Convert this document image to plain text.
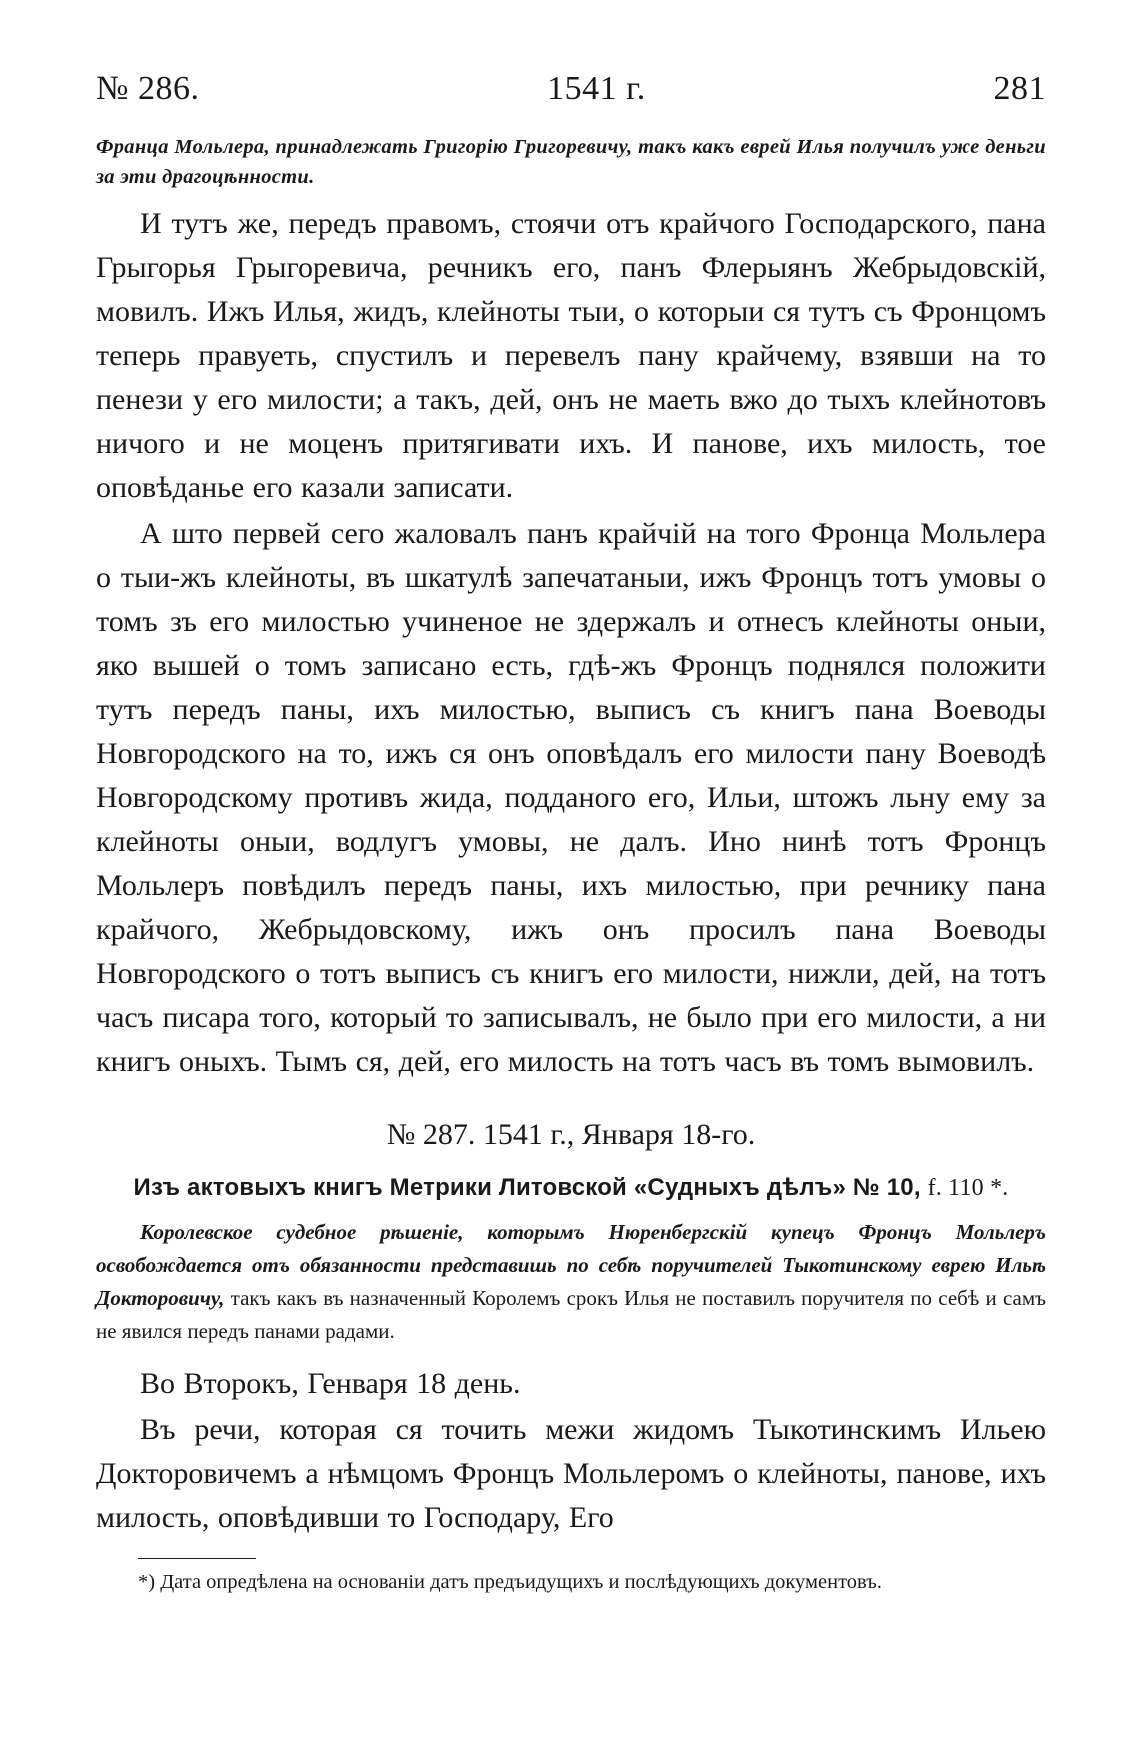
№ 286.	1541 г.	281

Франца Мольлера, принадлежать Григорію Григоревичу, такъ какъ еврей Илья получилъ уже деньги за эти драгоцѣнности.

И тутъ же, передъ правомъ, стоячи отъ крайчого Господарского, пана Грыгорья Грыгоревича, речникъ его, панъ Флерыянъ Жебрыдовскій, мовилъ. Ижъ Илья, жидъ, клейноты тыи, о которыи ся тутъ съ Фронцомъ теперь правуеть, спустилъ и перевелъ пану крайчему, взявши на то пенези у его милости; а такъ, дей, онъ не маеть вжо до тыхъ клейнотовъ ничого и не моценъ притягивати ихъ. И панове, ихъ милость, тое оповѣданье его казали записати.

А што первей сего жаловалъ панъ крайчій на того Фронца Мольлера о тыи-жъ клейноты, въ шкатулѣ запечатаныи, ижъ Фронцъ тотъ умовы о томъ зъ его милостью учиненое не здержалъ и отнесъ клейноты оныи, яко вышей о томъ записано есть, гдѣ-жъ Фронцъ поднялся положити тутъ передъ паны, ихъ милостью, выписъ съ книгъ пана Воеводы Новгородского на то, ижъ ся онъ оповѣдалъ его милости пану Воеводѣ Новгородскому противъ жида, подданого его, Ильи, штожъ льну ему за клейноты оныи, водлугъ умовы, не далъ. Ино нинѣ тотъ Фронцъ Мольлеръ повѣдилъ передъ паны, ихъ милостью, при речнику пана крайчого, Жебрыдовскому, ижъ онъ просилъ пана Воеводы Новгородского о тотъ выписъ съ книгъ его милости, нижли, дей, на тотъ часъ писара того, который то записывалъ, не было при его милости, а ни книгъ оныхъ. Тымъ ся, дей, его милость на тотъ часъ въ томъ вымовилъ.

№ 287. 1541 г., Января 18-го.
Изъ актовыхъ книгъ Метрики Литовской «Судныхъ дѣлъ» № 10, f. 110 *.

Королевское судебное рѣшеніе, которымъ Нюренбергскій купецъ Фронцъ Мольлеръ освобождается отъ обязанности представишь по себѣ поручителей Тыкотинскому еврею Ильѣ Докторовичу, такъ какъ въ назначенный Королемъ срокъ Илья не поставилъ поручителя по себѣ и самъ не явился передъ панами радами.

Во Второкъ, Генваря 18 день.

Въ речи, которая ся точить межи жидомъ Тыкотинскимъ Ильею Докторовичемъ а нѣмцомъ Фронцъ Мольлеромъ о клейноты, панове, ихъ милость, оповѣдивши то Господару, Его

*) Дата опредѣлена на основаніи датъ предъидущихъ и послѣдующихъ документовъ.
